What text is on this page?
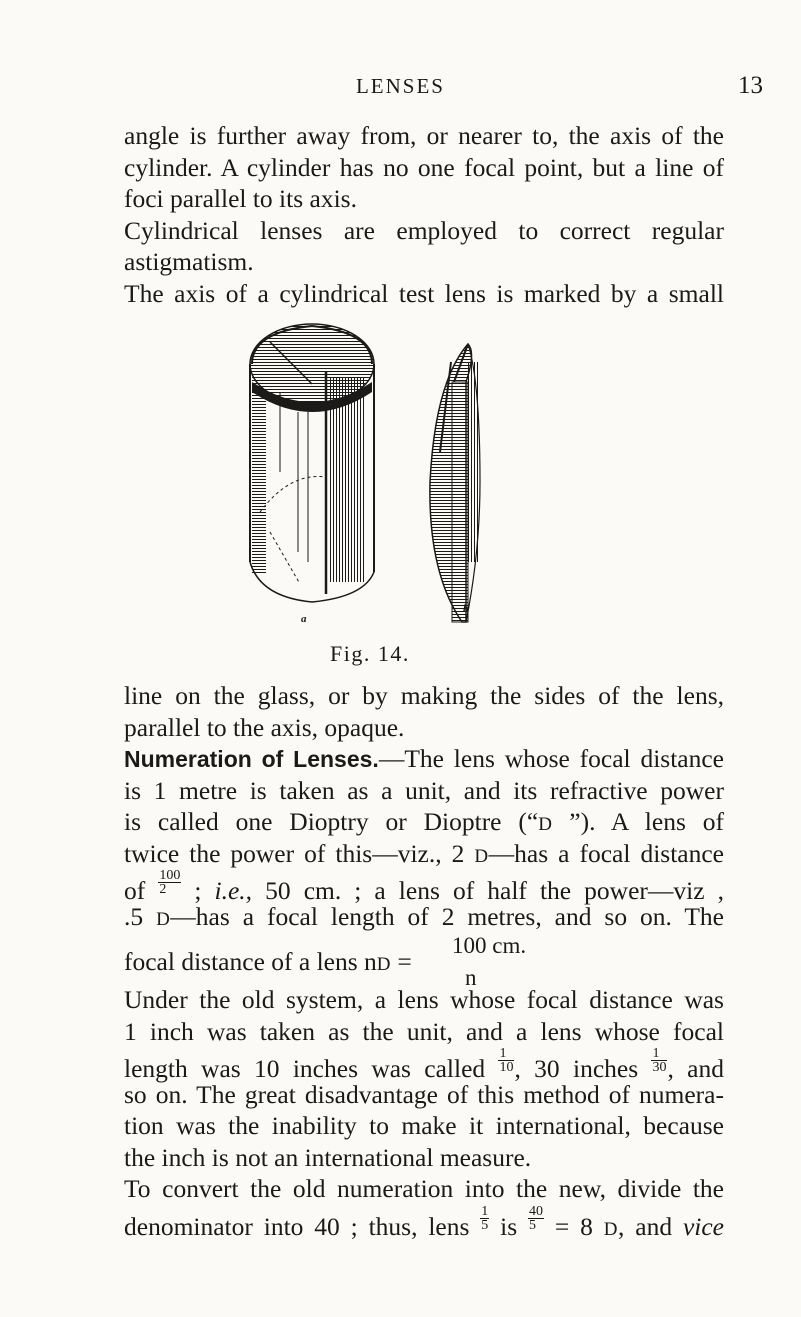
LENSES	13
angle is further away from, or nearer to, the axis of the
cylinder. A cylinder has no one focal point, but a line of
foci parallel to its axis.
Cylindrical lenses are employed to correct regular
astigmatism.
The axis of a cylindrical test lens is marked by a small
a
b
Fig. 14.
line on the glass, or by making the sides of the lens,
parallel to the axis, opaque.
Numeration of Lenses.—The lens whose focal distance
is 1 metre is taken as a unit, and its refractive power
is called one Dioptry or Dioptre (“D ”). A lens of
twice the power of this—viz., 2 D—has a focal distance
of $\frac{100}{2}$ ; i.e., 50 cm. ; a lens of half the power—viz ,
.5 D—has a focal length of 2 metres, and so on. The
focal distance of a lens nD =
100 cm.
n
Under the old system, a lens whose focal distance was
1 inch was taken as the unit, and a lens whose focal
length was 10 inches was called $\frac{1}{10}$ , 30 inches $\frac{1}{30}$ , and
so on. The great disadvantage of this method of numera-
tion was the inability to make it international, because
the inch is not an international measure.
To convert the old numeration into the new, divide the
denominator into 40 ; thus, lens $\frac{1}{5}$ is $\frac{40}{5} = 8$ D, and vice
